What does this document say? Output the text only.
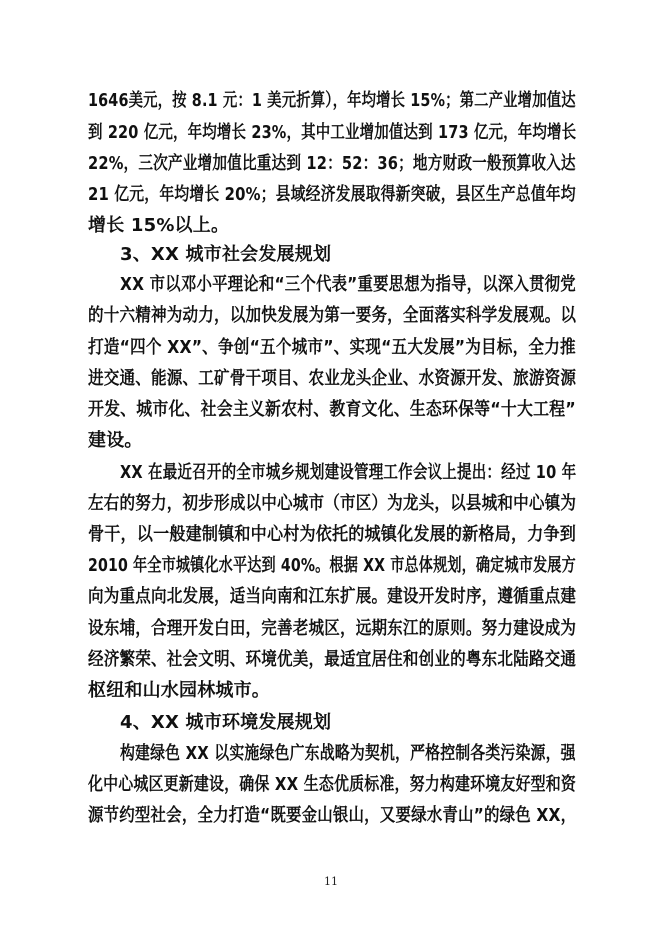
1646美元，按 8.1 元：1 美元折算），年均增长 15%；第二产业增加值达
到 220 亿元，年均增长 23%，其中工业增加值达到 173 亿元，年均增长
22%，三次产业增加值比重达到 12：52：36；地方财政一般预算收入达
21 亿元，年均增长 20%；县域经济发展取得新突破，县区生产总值年均
增长 15%以上。
3、XX 城市社会发展规划
XX 市以邓小平理论和“三个代表”重要思想为指导，以深入贯彻党
的十六精神为动力，以加快发展为第一要务，全面落实科学发展观。以
打造“四个 XX”、争创“五个城市”、实现“五大发展”为目标，全力推
进交通、能源、工矿骨干项目、农业龙头企业、水资源开发、旅游资源
开发、城市化、社会主义新农村、教育文化、生态环保等“十大工程”
建设。
XX 在最近召开的全市城乡规划建设管理工作会议上提出：经过 10 年
左右的努力，初步形成以中心城市（市区）为龙头，以县城和中心镇为
骨干，以一般建制镇和中心村为依托的城镇化发展的新格局，力争到
2010 年全市城镇化水平达到 40%。根据 XX 市总体规划，确定城市发展方
向为重点向北发展，适当向南和江东扩展。建设开发时序，遵循重点建
设东埔，合理开发白田，完善老城区，远期东江的原则。努力建设成为
经济繁荣、社会文明、环境优美，最适宜居住和创业的粤东北陆路交通
枢纽和山水园林城市。
4、XX 城市环境发展规划
构建绿色 XX 以实施绿色广东战略为契机，严格控制各类污染源，强
化中心城区更新建设，确保 XX 生态优质标准，努力构建环境友好型和资
源节约型社会，全力打造“既要金山银山，又要绿水青山”的绿色 XX，
11
